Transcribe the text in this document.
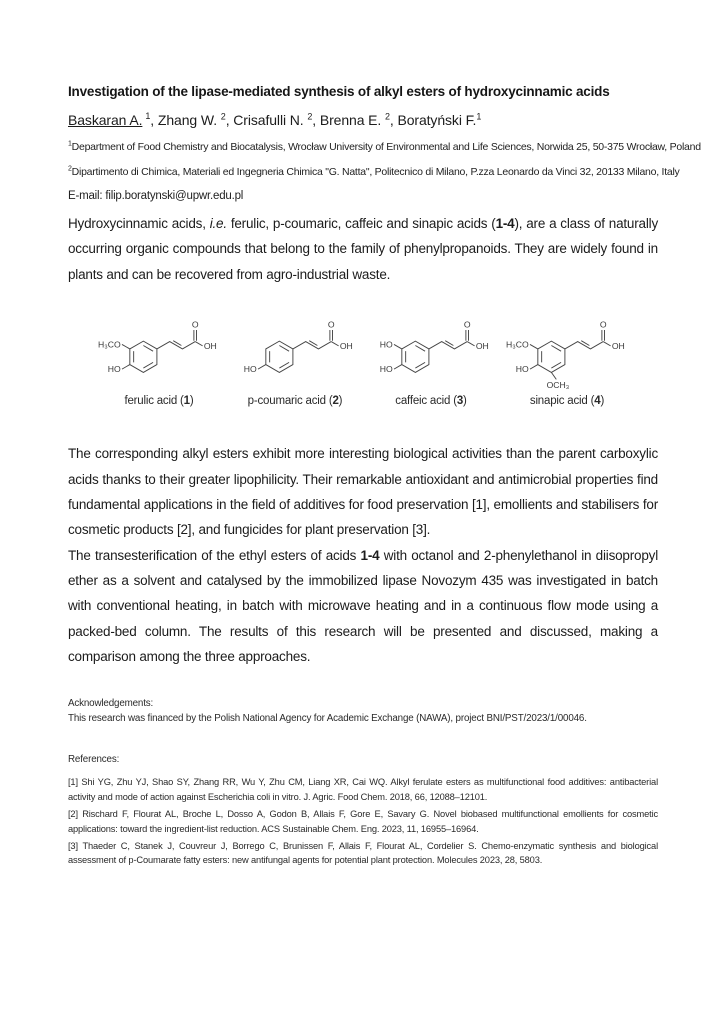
Investigation of the lipase-mediated synthesis of alkyl esters of hydroxycinnamic acids

Baskaran A. $^1$, Zhang W. $^2$, Crisafulli N. $^2$, Brenna E. $^2$, Boratyński F.$^1$

$^1$Department of Food Chemistry and Biocatalysis, Wrocław University of Environmental and Life Sciences, Norwida 25, 50-375 Wrocław, Poland

$^2$Dipartimento di Chimica, Materiali ed Ingegneria Chimica "G. Natta", Politecnico di Milano, P.zza Leonardo da Vinci 32, 20133 Milano, Italy

E-mail: filip.boratynski@upwr.edu.pl

Hydroxycinnamic acids, i.e. ferulic, p-coumaric, caffeic and sinapic acids (1-4), are a class of naturally occurring organic compounds that belong to the family of phenylpropanoids. They are widely found in plants and can be recovered from agro-industrial waste.

H₃CO
HO
O
OH
ferulic acid (1)
HO
O
OH
p-coumaric acid (2)
HO
HO
O
OH
caffeic acid (3)
H₃CO
HO
OCH₃
O
OH
sinapic acid (4)

The corresponding alkyl esters exhibit more interesting biological activities than the parent carboxylic acids thanks to their greater lipophilicity. Their remarkable antioxidant and antimicrobial properties find fundamental applications in the field of additives for food preservation [1], emollients and stabilisers for cosmetic products [2], and fungicides for plant preservation [3].

The transesterification of the ethyl esters of acids 1-4 with octanol and 2-phenylethanol in diisopropyl ether as a solvent and catalysed by the immobilized lipase Novozym 435 was investigated in batch with conventional heating, in batch with microwave heating and in a continuous flow mode using a packed-bed column. The results of this research will be presented and discussed, making a comparison among the three approaches.

Acknowledgements:
This research was financed by the Polish National Agency for Academic Exchange (NAWA), project BNI/PST/2023/1/00046.
References:
[1] Shi YG, Zhu YJ, Shao SY, Zhang RR, Wu Y, Zhu CM, Liang XR, Cai WQ. Alkyl ferulate esters as multifunctional food additives: antibacterial activity and mode of action against Escherichia coli in vitro. J. Agric. Food Chem. 2018, 66, 12088–12101.
[2] Rischard F, Flourat AL, Broche L, Dosso A, Godon B, Allais F, Gore E, Savary G. Novel biobased multifunctional emollients for cosmetic applications: toward the ingredient-list reduction. ACS Sustainable Chem. Eng. 2023, 11, 16955–16964.
[3] Thaeder C, Stanek J, Couvreur J, Borrego C, Brunissen F, Allais F, Flourat AL, Cordelier S. Chemo-enzymatic synthesis and biological assessment of p-Coumarate fatty esters: new antifungal agents for potential plant protection. Molecules 2023, 28, 5803.
